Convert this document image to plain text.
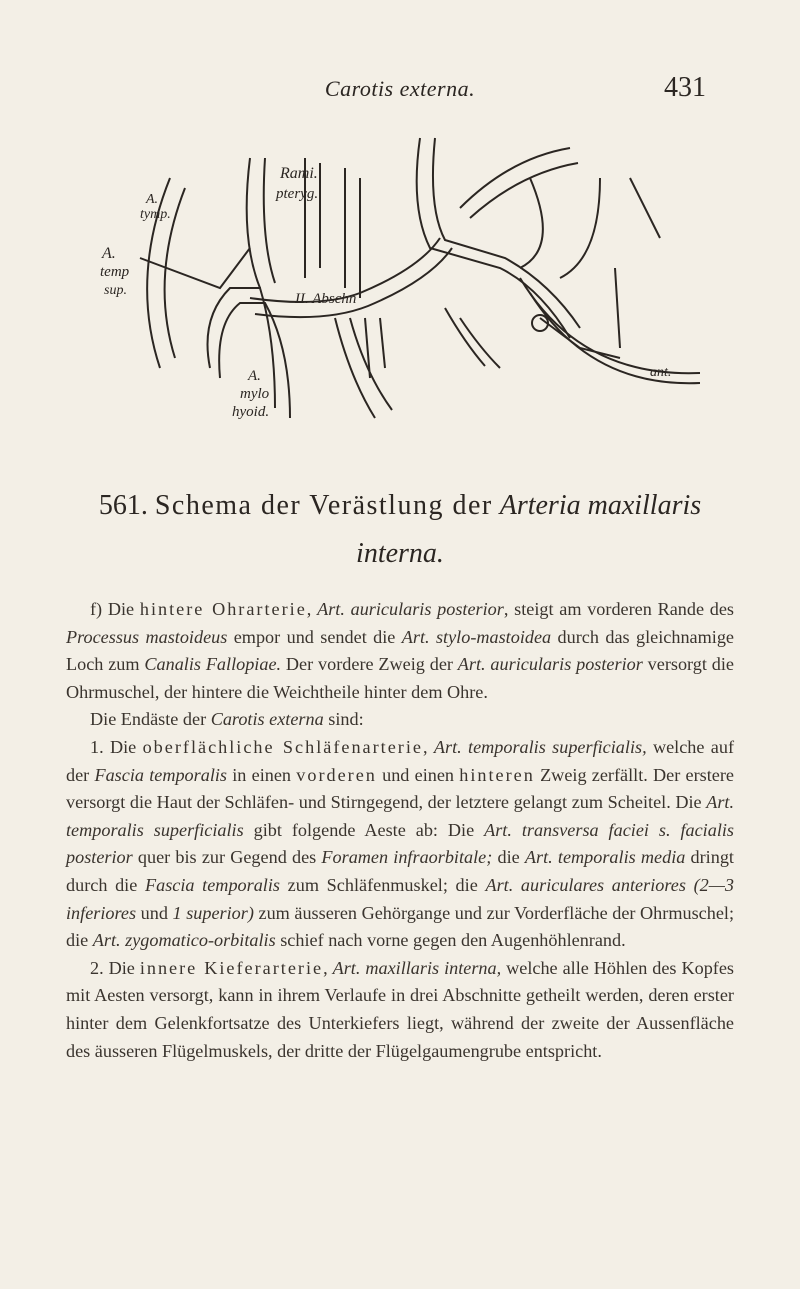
Carotis externa.	431
A.
tymp.
A.
temp
sup.
Rami.
pteryg.
II. Abschn
A.
mylo
hyoid.
ant.
561. Schema der Verästlung der Arteria maxillaris
interna.

f) Die hintere Ohrarterie, Art. auricularis posterior, steigt am vorderen Rande des Processus mastoideus empor und sendet die Art. stylo-mastoidea durch das gleichnamige Loch zum Canalis Fallopiae. Der vordere Zweig der Art. auricularis posterior versorgt die Ohrmuschel, der hintere die Weichtheile hinter dem Ohre.

Die Endäste der Carotis externa sind:

1. Die oberflächliche Schläfenarterie, Art. temporalis superficialis, welche auf der Fascia temporalis in einen vorderen und einen hinteren Zweig zerfällt. Der erstere versorgt die Haut der Schläfen- und Stirngegend, der letztere gelangt zum Scheitel. Die Art. temporalis superficialis gibt folgende Aeste ab: Die Art. transversa faciei s. facialis posterior quer bis zur Gegend des Foramen infraorbitale; die Art. temporalis media dringt durch die Fascia temporalis zum Schläfenmuskel; die Art. auriculares anteriores (2—3 inferiores und 1 superior) zum äusseren Gehörgange und zur Vorderfläche der Ohrmuschel; die Art. zygomatico-orbitalis schief nach vorne gegen den Augenhöhlenrand.

2. Die innere Kieferarterie, Art. maxillaris interna, welche alle Höhlen des Kopfes mit Aesten versorgt, kann in ihrem Verlaufe in drei Abschnitte getheilt werden, deren erster hinter dem Gelenkfortsatze des Unterkiefers liegt, während der zweite der Aussenfläche des äusseren Flügelmuskels, der dritte der Flügelgaumengrube entspricht.
